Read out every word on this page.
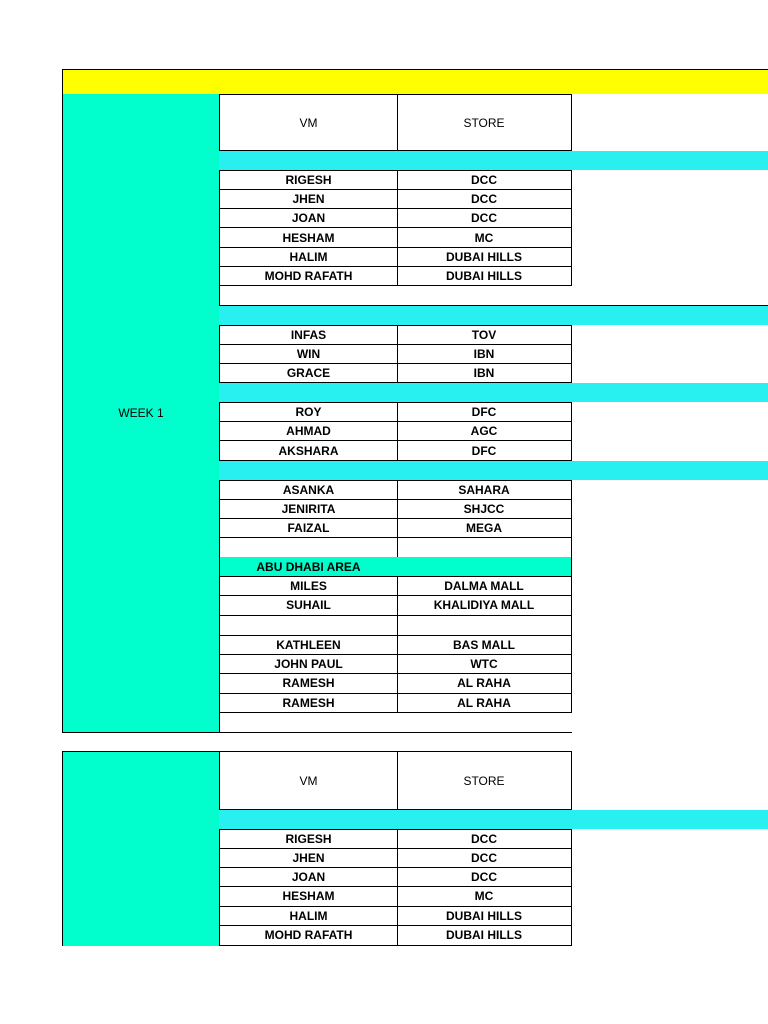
WEEK 1
VM	STORE
RIGESH	DCC
JHEN	DCC
JOAN	DCC
HESHAM	MC
HALIM	DUBAI HILLS
MOHD RAFATH	DUBAI HILLS
INFAS	TOV
WIN	IBN
GRACE	IBN
ROY	DFC
AHMAD	AGC
AKSHARA	DFC
ASANKA	SAHARA
JENIRITA	SHJCC
FAIZAL	MEGA
ABU DHABI AREA
MILES	DALMA MALL
SUHAIL	KHALIDIYA MALL
KATHLEEN	BAS MALL
JOHN PAUL	WTC
RAMESH	AL RAHA
RAMESH	AL RAHA
VM	STORE
RIGESH	DCC
JHEN	DCC
JOAN	DCC
HESHAM	MC
HALIM	DUBAI HILLS
MOHD RAFATH	DUBAI HILLS
